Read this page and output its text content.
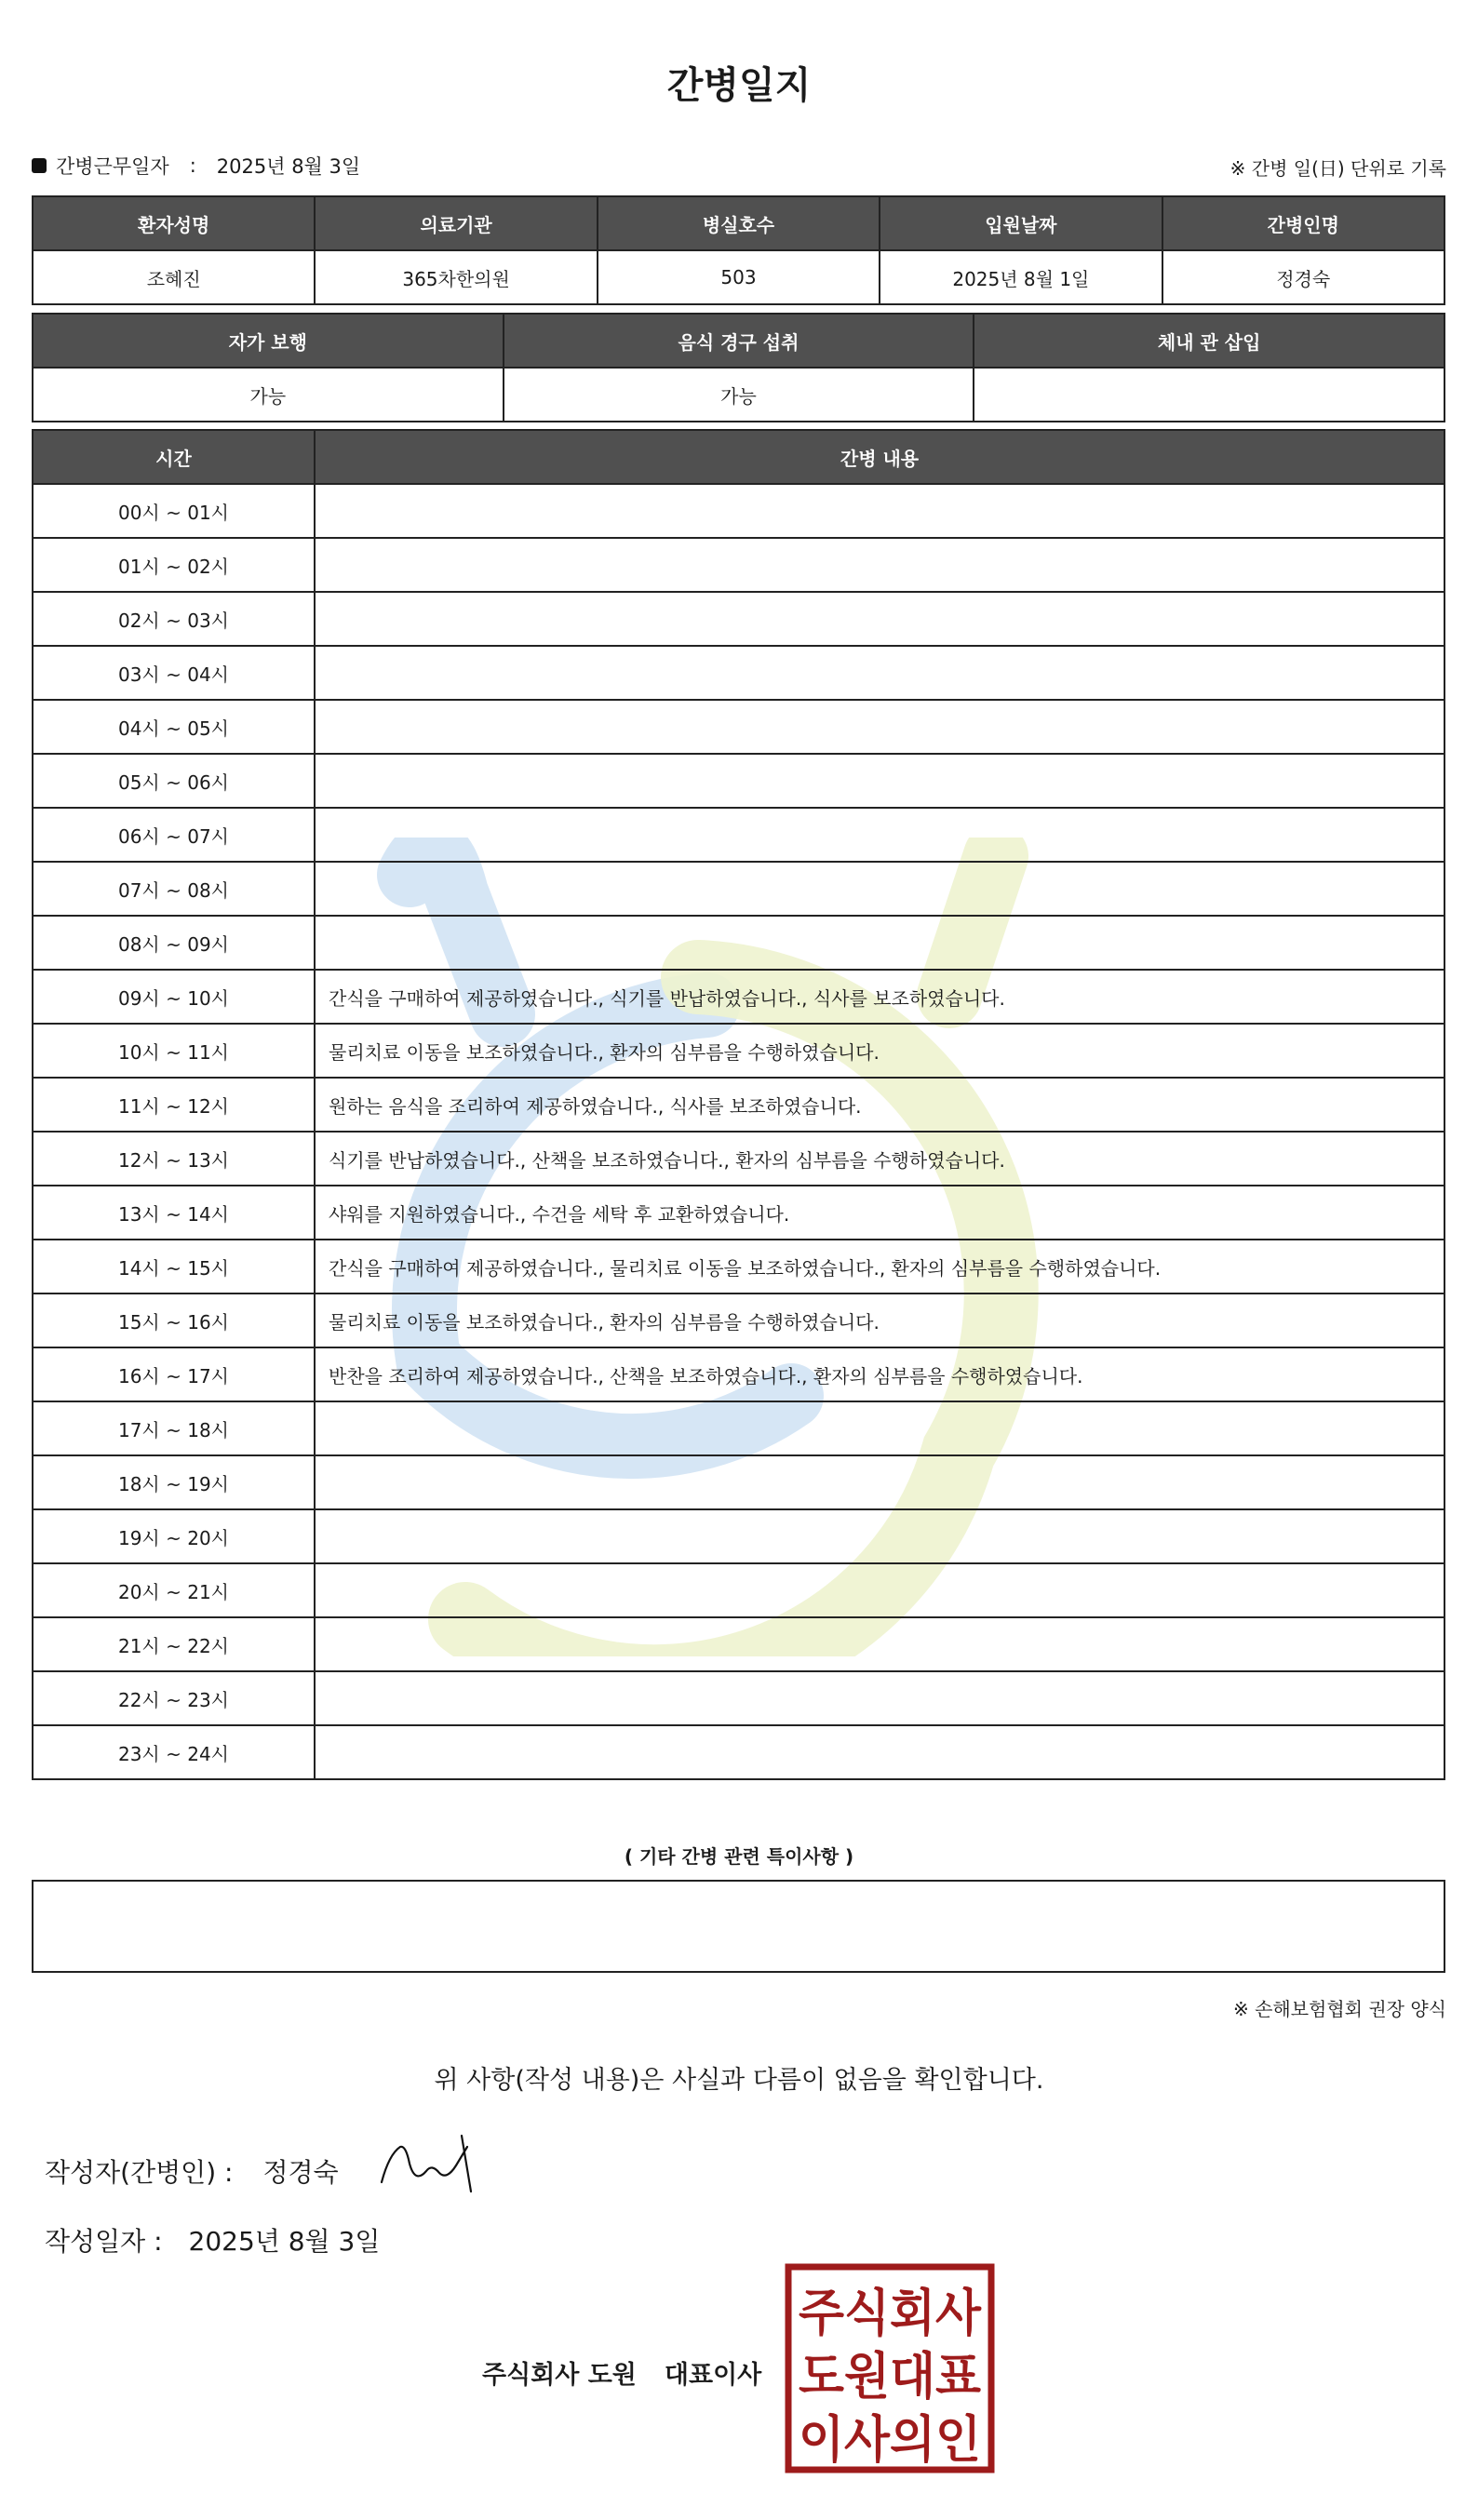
간병일지
간병근무일자 : 2025년 8월 3일	※ 간병 일(日) 단위로 기록
환자성명	의료기관	병실호수	입원날짜	간병인명
조혜진	365차한의원	503	2025년 8월 1일	정경숙
자가 보행	음식 경구 섭취	체내 관 삽입
가능	가능	
시간	간병 내용
00시 ~ 01시	
01시 ~ 02시	
02시 ~ 03시	
03시 ~ 04시	
04시 ~ 05시	
05시 ~ 06시	
06시 ~ 07시	
07시 ~ 08시	
08시 ~ 09시	
09시 ~ 10시	간식을 구매하여 제공하였습니다., 식기를 반납하였습니다., 식사를 보조하였습니다.
10시 ~ 11시	물리치료 이동을 보조하였습니다., 환자의 심부름을 수행하였습니다.
11시 ~ 12시	원하는 음식을 조리하여 제공하였습니다., 식사를 보조하였습니다.
12시 ~ 13시	식기를 반납하였습니다., 산책을 보조하였습니다., 환자의 심부름을 수행하였습니다.
13시 ~ 14시	샤워를 지원하였습니다., 수건을 세탁 후 교환하였습니다.
14시 ~ 15시	간식을 구매하여 제공하였습니다., 물리치료 이동을 보조하였습니다., 환자의 심부름을 수행하였습니다.
15시 ~ 16시	물리치료 이동을 보조하였습니다., 환자의 심부름을 수행하였습니다.
16시 ~ 17시	반찬을 조리하여 제공하였습니다., 산책을 보조하였습니다., 환자의 심부름을 수행하였습니다.
17시 ~ 18시	
18시 ~ 19시	
19시 ~ 20시	
20시 ~ 21시	
21시 ~ 22시	
22시 ~ 23시	
23시 ~ 24시	
( 기타 간병 관련 특이사항 )
※ 손해보험협회 권장 양식
위 사항(작성 내용)은 사실과 다름이 없음을 확인합니다.
작성자(간병인) : 정경숙
작성일자 : 2025년 8월 3일
주식회사 도원 대표이사
주식회사
도원대표
이사의인
